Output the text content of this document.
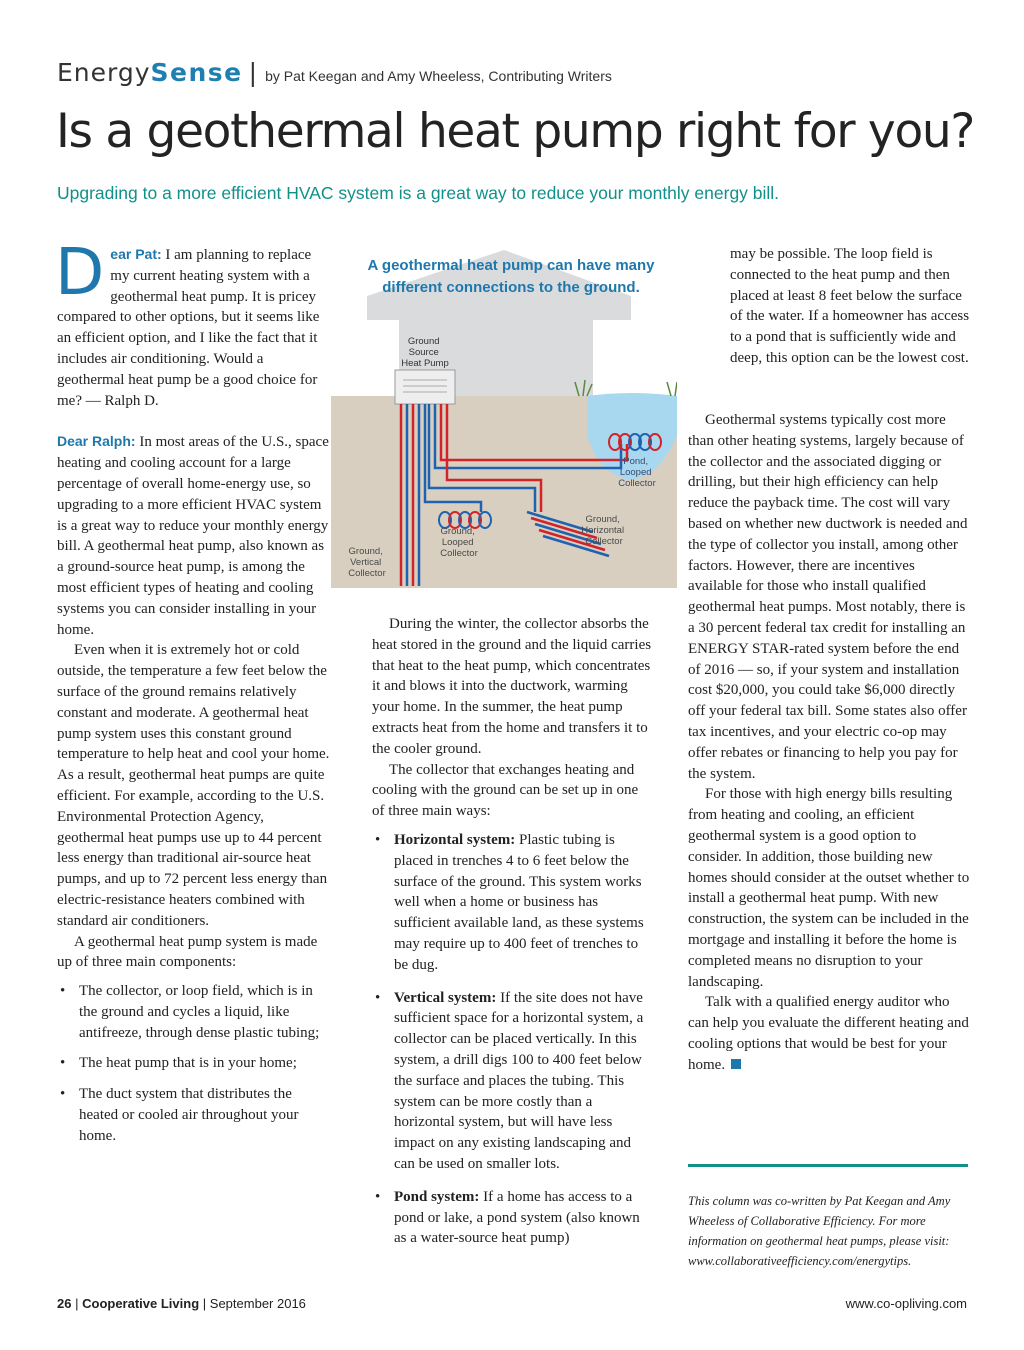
EnergySense | by Pat Keegan and Amy Wheeless, Contributing Writers
Is a geothermal heat pump right for you?

Upgrading to a more efficient HVAC system is a great way to reduce your monthly energy bill.

Dear Pat: I am planning to replace my current heating system with a geothermal heat pump. It is pricey compared to other options, but it seems like an efficient option, and I like the fact that it includes air conditioning. Would a geothermal heat pump be a good choice for me? — Ralph D.

Dear Ralph: In most areas of the U.S., space heating and cooling account for a large percentage of overall home-energy use, so upgrading to a more efficient HVAC system is a great way to reduce your monthly energy bill. A geothermal heat pump, also known as a ground-source heat pump, is among the most efficient types of heating and cooling systems you can consider installing in your home.

Even when it is extremely hot or cold outside, the temperature a few feet below the surface of the ground remains relatively constant and moderate. A geothermal heat pump system uses this constant ground temperature to help heat and cool your home. As a result, geothermal heat pumps are quite efficient. For example, according to the U.S. Environmental Protection Agency, geothermal heat pumps use up to 44 percent less energy than traditional air-source heat pumps, and up to 72 percent less energy than electric-resistance heaters combined with standard air conditioners.

A geothermal heat pump system is made up of three main components:

• The collector, or loop field, which is in the ground and cycles a liquid, like antifreeze, through dense plastic tubing;
• The heat pump that is in your home;
• The duct system that distributes the heated or cooled air throughout your home.
Ground Source Heat Pump
Pond, Looped Collector
Ground, Horizontal Collector
Ground, Looped Collector
Ground, Vertical Collector
A geothermal heat pump can have many
different connections to the ground.

During the winter, the collector absorbs the heat stored in the ground and the liquid carries that heat to the heat pump, which concentrates it and blows it into the ductwork, warming your home. In the summer, the heat pump extracts heat from the home and transfers it to the cooler ground.

The collector that exchanges heating and cooling with the ground can be set up in one of three main ways:

• Horizontal system: Plastic tubing is placed in trenches 4 to 6 feet below the surface of the ground. This system works well when a home or business has sufficient available land, as these systems may require up to 400 feet of trenches to be dug.
• Vertical system: If the site does not have sufficient space for a horizontal system, a collector can be placed vertically. In this system, a drill digs 100 to 400 feet below the surface and places the tubing. This system can be more costly than a horizontal system, but will have less impact on any existing landscaping and can be used on smaller lots.
• Pond system: If a home has access to a pond or lake, a pond system (also known as a water-source heat pump)

may be possible. The loop field is connected to the heat pump and then placed at least 8 feet below the surface of the water. If a homeowner has access to a pond that is sufficiently wide and deep, this option can be the lowest cost.

Geothermal systems typically cost more than other heating systems, largely because of the collector and the associated digging or drilling, but their high efficiency can help reduce the payback time. The cost will vary based on whether new ductwork is needed and the type of collector you install, among other factors. However, there are incentives available for those who install qualified geothermal heat pumps. Most notably, there is a 30 percent federal tax credit for installing an ENERGY STAR-rated system before the end of 2016 — so, if your system and installation cost $20,000, you could take $6,000 directly off your federal tax bill. Some states also offer tax incentives, and your electric co-op may offer rebates or financing to help you pay for the system.

For those with high energy bills resulting from heating and cooling, an efficient geothermal system is a good option to consider. In addition, those building new homes should consider at the outset whether to install a geothermal heat pump. With new construction, the system can be included in the mortgage and installing it before the home is completed means no disruption to your landscaping.

Talk with a qualified energy auditor who can help you evaluate the different heating and cooling options that would be best for your home.

This column was co-written by Pat Keegan and Amy Wheeless of Collaborative Efficiency. For more information on geothermal heat pumps, please visit: www.collaborativeefficiency.com/energytips.

26 | Cooperative Living | September 2016	www.co-opliving.com
